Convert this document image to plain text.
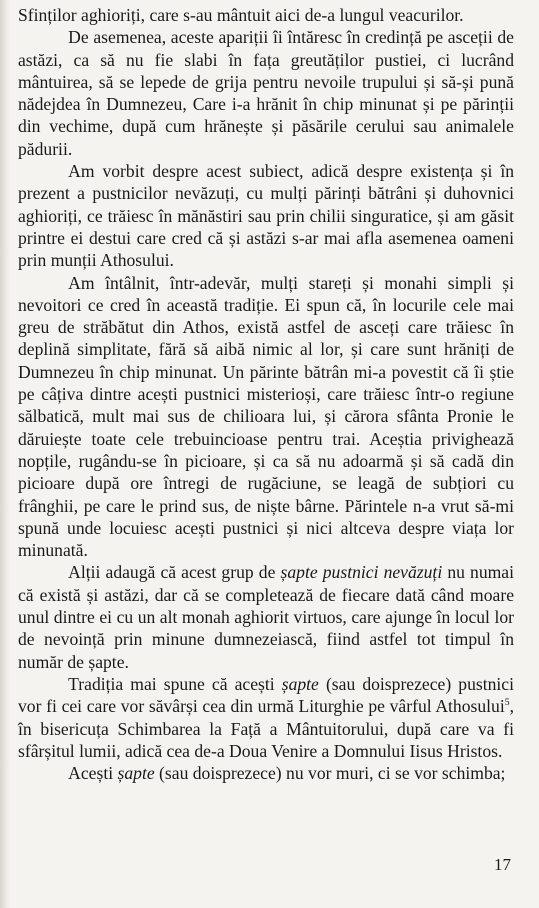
Sfinților aghioriți, care s-au mântuit aici de-a lungul veacurilor.

De asemenea, aceste apariții îi întăresc în credință pe asceții de astăzi, ca să nu fie slabi în fața greutăților pustiei, ci lucrând mântuirea, să se lepede de grija pentru nevoile trupului și să-și pună nădejdea în Dumnezeu, Care i-a hrănit în chip minunat și pe părinții din vechime, după cum hrănește și păsările cerului sau animalele pădurii.

Am vorbit despre acest subiect, adică despre existența și în prezent a pustnicilor nevăzuți, cu mulți părinți bătrâni și duhovnici aghioriți, ce trăiesc în mănăstiri sau prin chilii singuratice, și am găsit printre ei destui care cred că și astăzi s-ar mai afla asemenea oameni prin munții Athosului.

Am întâlnit, într-adevăr, mulți stareți și monahi simpli și nevoitori ce cred în această tradiție. Ei spun că, în locurile cele mai greu de străbătut din Athos, există astfel de asceți care trăiesc în deplină simplitate, fără să aibă nimic al lor, și care sunt hrăniți de Dumnezeu în chip minunat. Un părinte bătrân mi-a povestit că îi știe pe câțiva dintre acești pustnici misterioși, care trăiesc într-o regiune sălbatică, mult mai sus de chilioara lui, și cărora sfânta Pronie le dăruiește toate cele trebuincioase pentru trai. Aceștia privighează nopțile, rugându-se în picioare, și ca să nu adoarmă și să cadă din picioare după ore întregi de rugăciune, se leagă de subțiori cu frânghii, pe care le prind sus, de niște bârne. Părintele n-a vrut să-mi spună unde locuiesc acești pustnici și nici altceva despre viața lor minunată.

Alții adaugă că acest grup de șapte pustnici nevăzuți nu numai că există și astăzi, dar că se completează de fiecare dată când moare unul dintre ei cu un alt monah aghiorit virtuos, care ajunge în locul lor de nevoință prin minune dumnezeiască, fiind astfel tot timpul în număr de șapte.

Tradiția mai spune că acești șapte (sau doisprezece) pustnici vor fi cei care vor săvârși cea din urmă Liturghie pe vârful Athosului$^5$, în bisericuța Schimbarea la Față a Mântuitorului, după care va fi sfârșitul lumii, adică cea de-a Doua Venire a Domnului Iisus Hristos.

Acești șapte (sau doisprezece) nu vor muri, ci se vor schimba;

17
